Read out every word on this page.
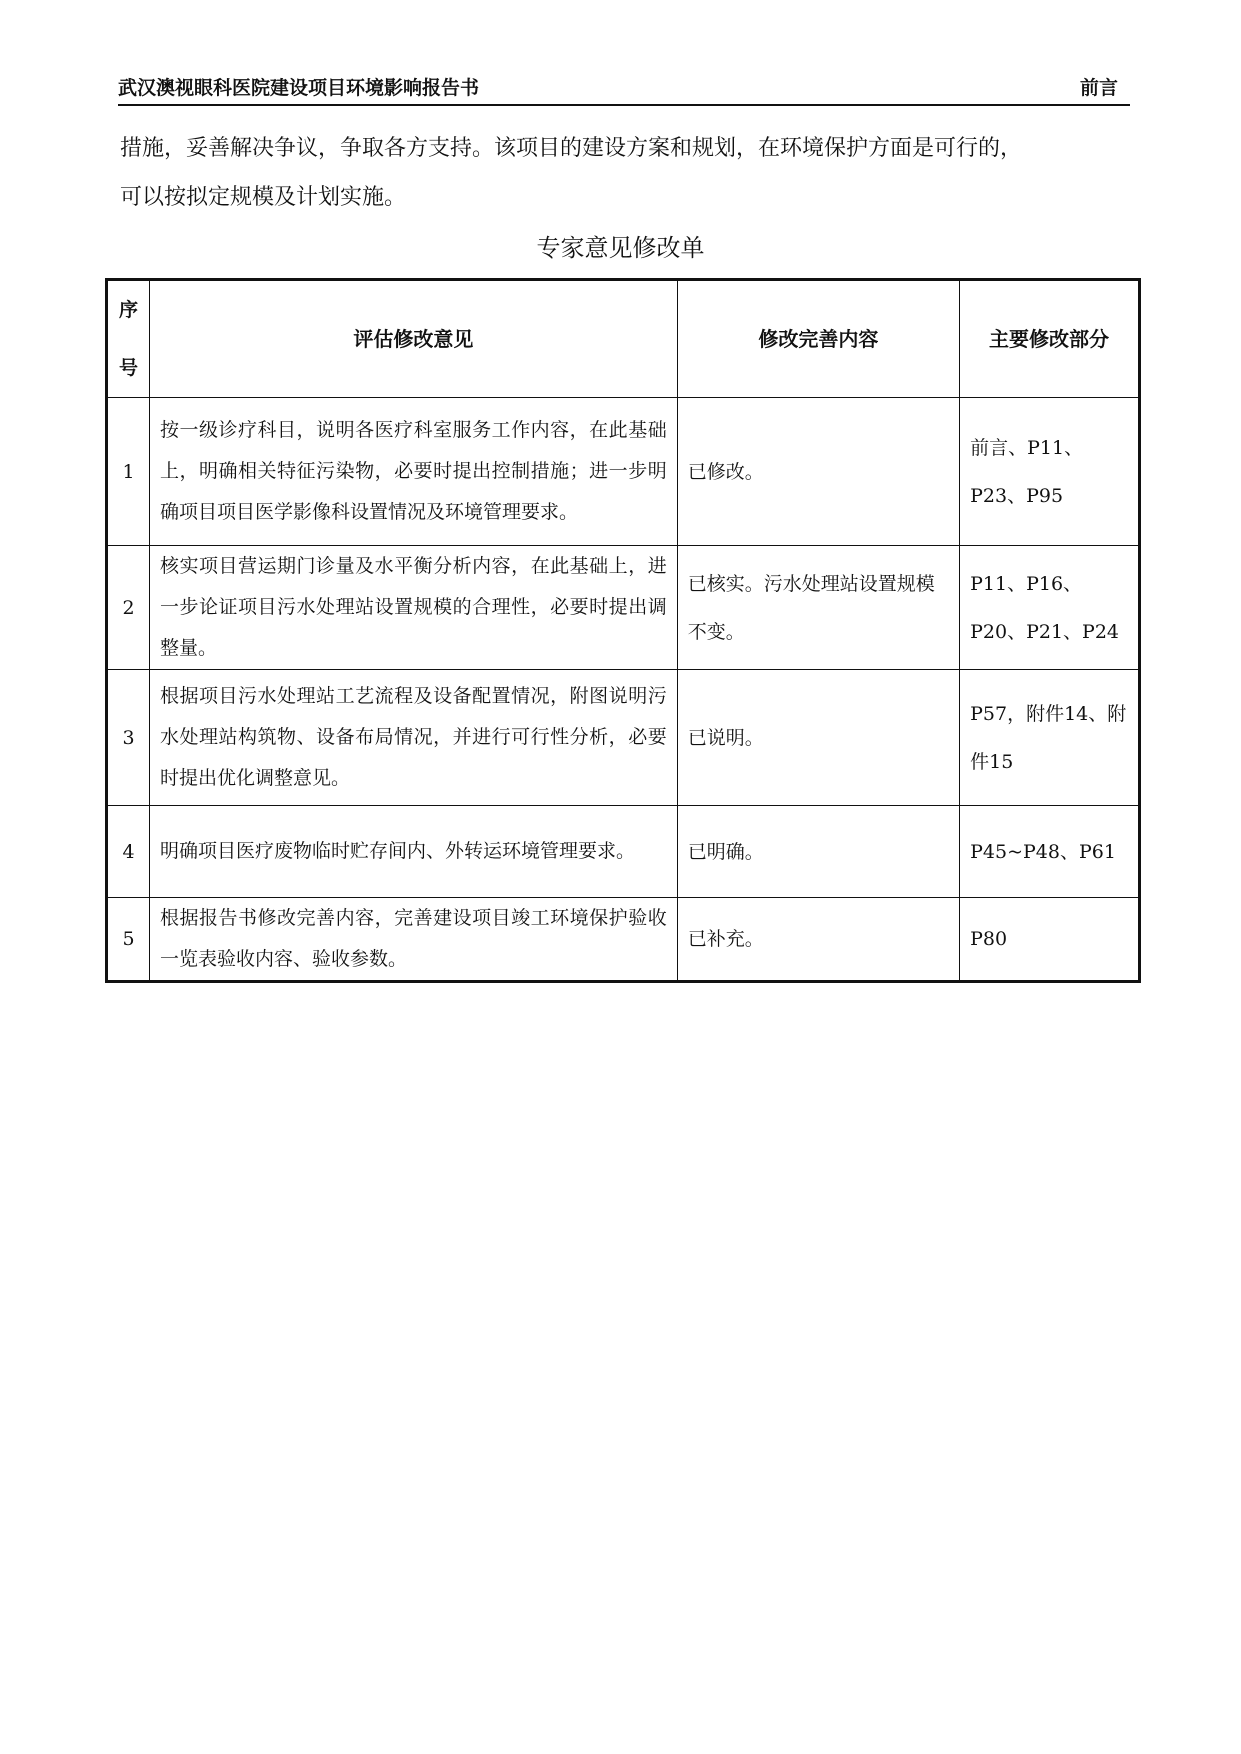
武汉澳视眼科医院建设项目环境影响报告书	前言

措施，妥善解决争议，争取各方支持。该项目的建设方案和规划，在环境保护方面是可行的，

可以按拟定规模及计划实施。

专家意见修改单
序号	评估修改意见	修改完善内容	主要修改部分
1	按一级诊疗科目，说明各医疗科室服务工作内容，在此基础上，明确相关特征污染物，必要时提出控制措施；进一步明确项目项目医学影像科设置情况及环境管理要求。	已修改。	前言、P11、P23、P95
2	核实项目营运期门诊量及水平衡分析内容，在此基础上，进一步论证项目污水处理站设置规模的合理性，必要时提出调整量。	已核实。污水处理站设置规模不变。	P11、P16、P20、P21、P24
3	根据项目污水处理站工艺流程及设备配置情况，附图说明污水处理站构筑物、设备布局情况，并进行可行性分析，必要时提出优化调整意见。	已说明。	P57，附件14、附件15
4	明确项目医疗废物临时贮存间内、外转运环境管理要求。	已明确。	P45~P48、P61
5	根据报告书修改完善内容，完善建设项目竣工环境保护验收一览表验收内容、验收参数。	已补充。	P80
